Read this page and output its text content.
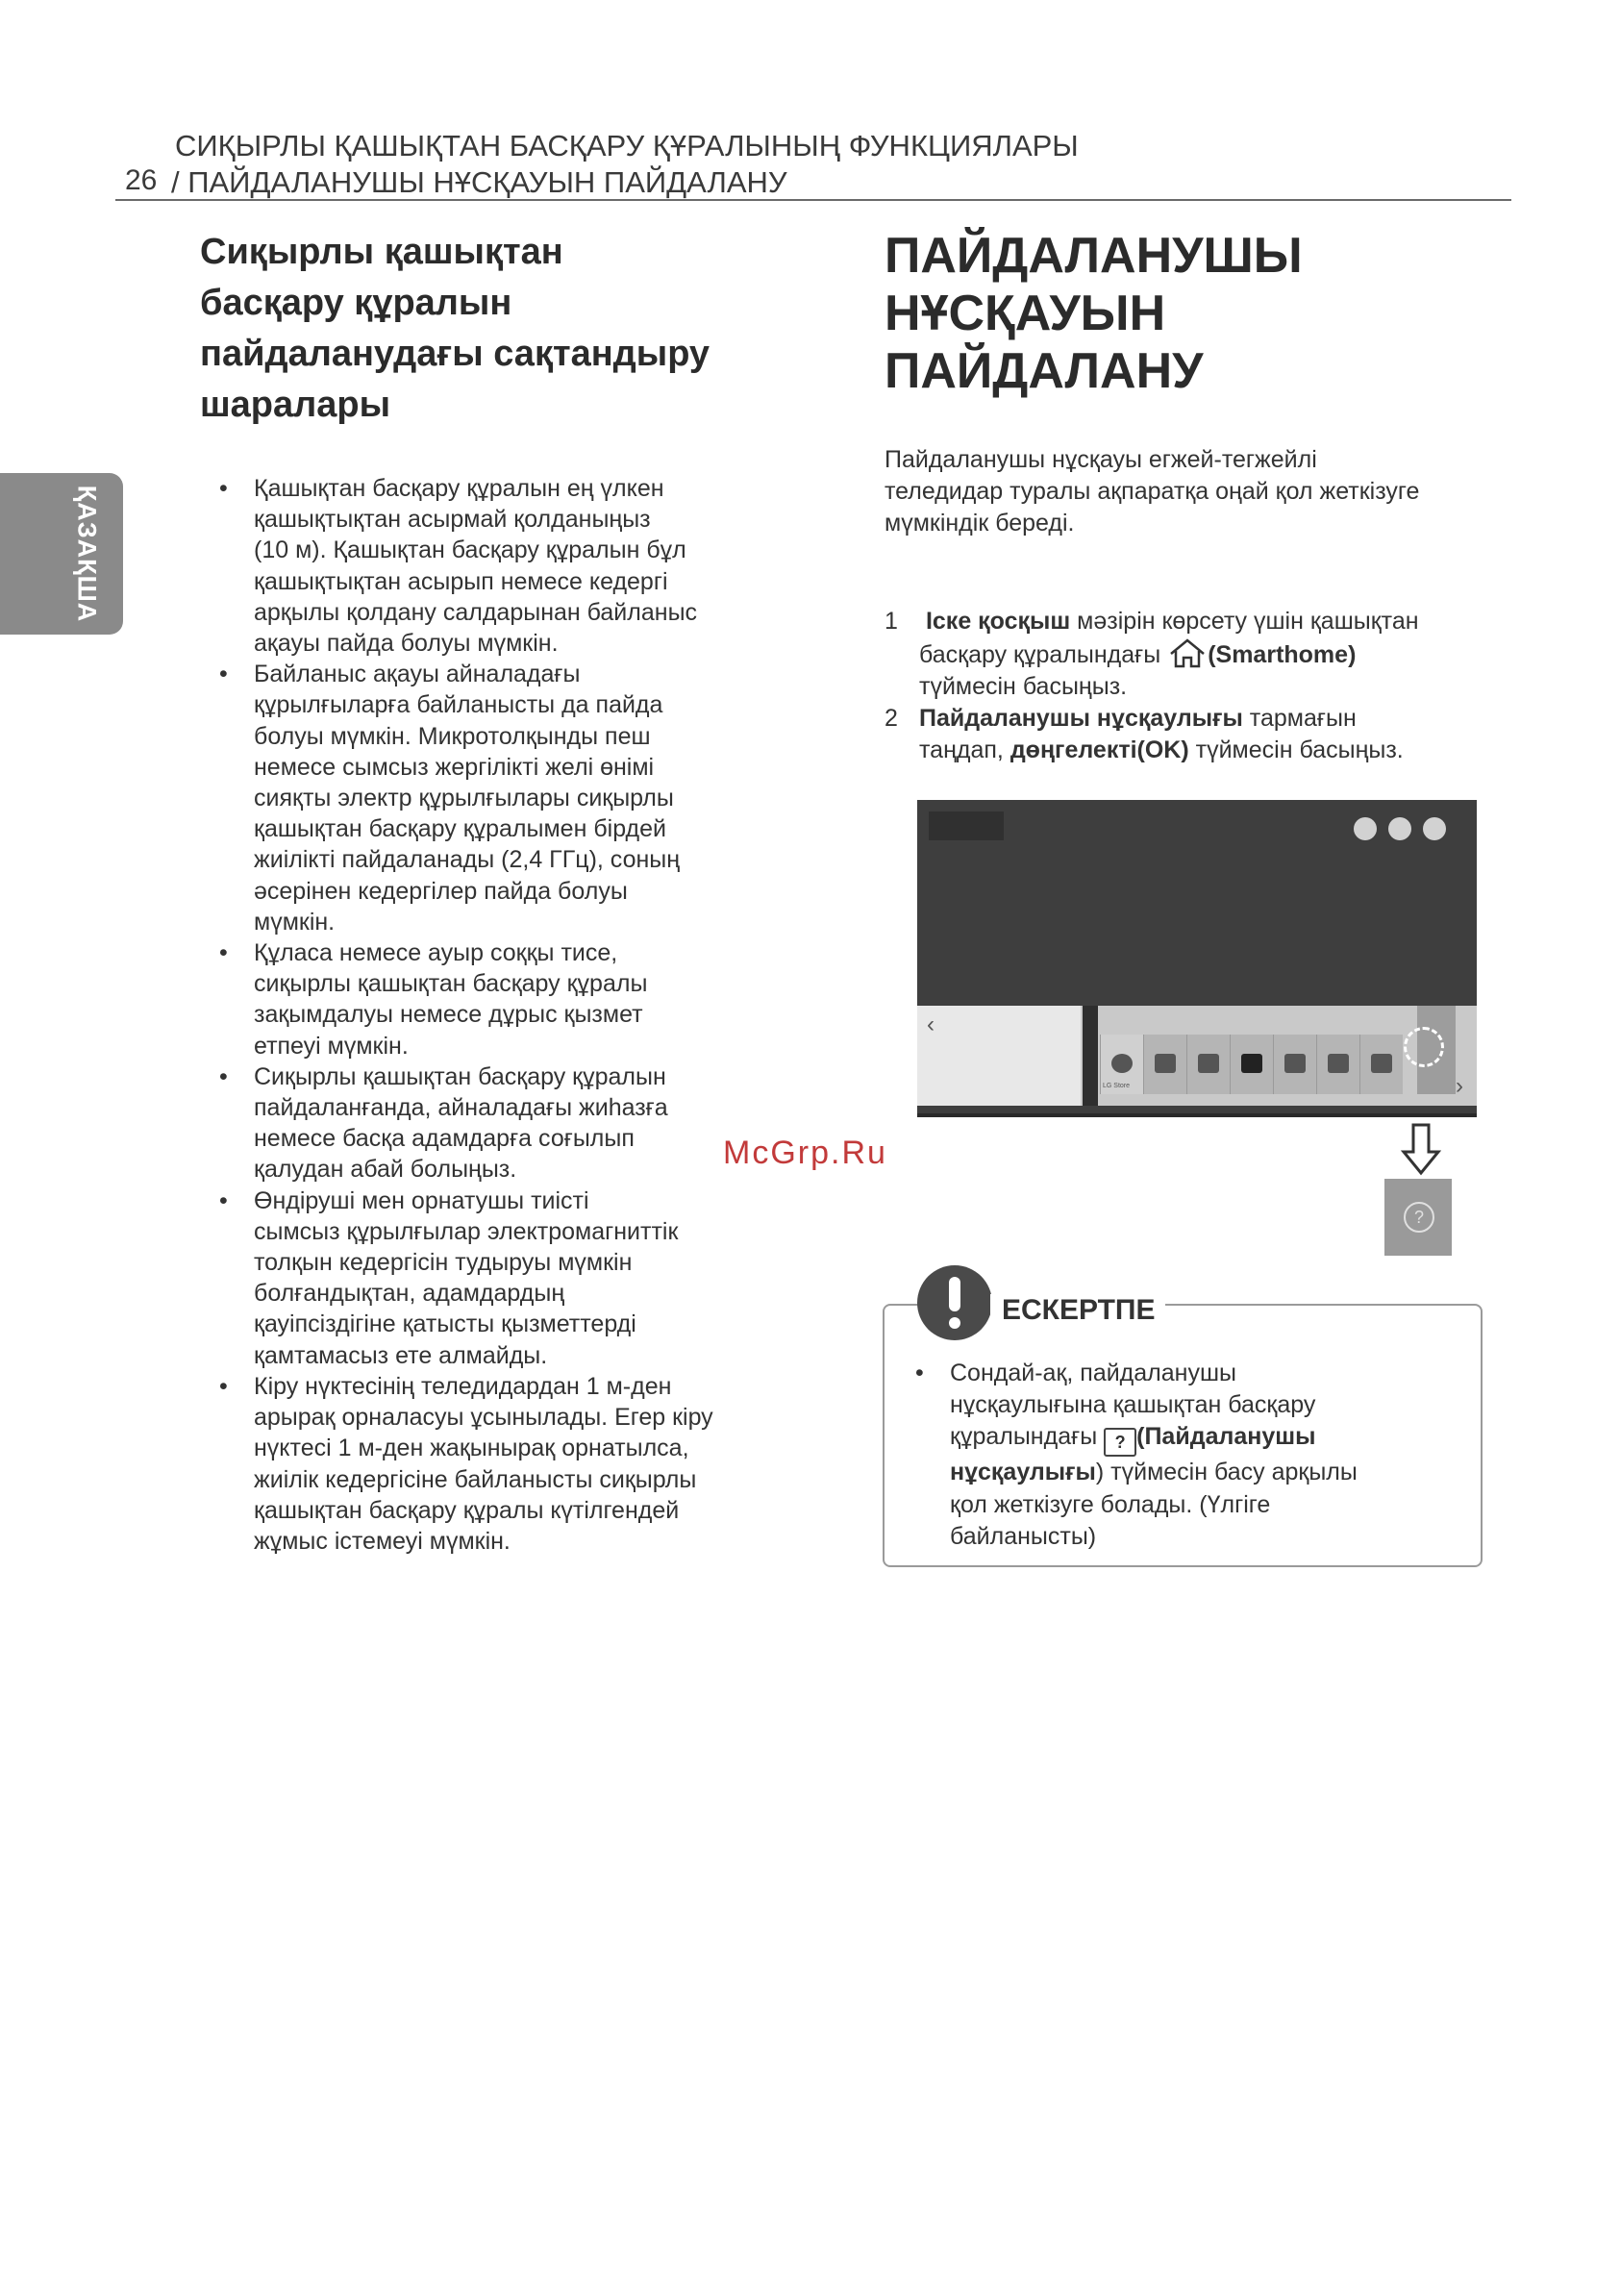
СИҚЫРЛЫ ҚАШЫҚТАН БАСҚАРУ ҚҰРАЛЫНЫҢ ФУНКЦИЯЛАРЫ
26 / ПАЙДАЛАНУШЫ НҰСҚАУЫН ПАЙДАЛАНУ
ҚАЗАҚША
Сиқырлы қашықтан
басқару құралын
пайдаланудағы сақтандыру
шаралары
• Қашықтан басқару құралын ең үлкен
қашықтықтан асырмай қолданыңыз
(10 м). Қашықтан басқару құралын бұл
қашықтықтан асырып немесе кедергі
арқылы қолдану салдарынан байланыс
ақауы пайда болуы мүмкін.
• Байланыс ақауы айналадағы
құрылғыларға байланысты да пайда
болуы мүмкін. Микротолқынды пеш
немесе сымсыз жергілікті желі өнімі
сияқты электр құрылғылары сиқырлы
қашықтан басқару құралымен бірдей
жиілікті пайдаланады (2,4 ГГц), соның
әсерінен кедергілер пайда болуы
мүмкін.
• Құласа немесе ауыр соққы тисе,
сиқырлы қашықтан басқару құралы
зақымдалуы немесе дұрыс қызмет
етпеуі мүмкін.
• Сиқырлы қашықтан басқару құралын
пайдаланғанда, айналадағы жиһазға
немесе басқа адамдарға соғылып
қалудан абай болыңыз.
• Өндіруші мен орнатушы тиісті
сымсыз құрылғылар электромагниттік
толқын кедергісін тудыруы мүмкін
болғандықтан, адамдардың
қауіпсіздігіне қатысты қызметтерді
қамтамасыз ете алмайды.
• Кіру нүктесінің теледидардан 1 м-ден
арырақ орналасуы ұсынылады. Егер кіру
нүктесі 1 м-ден жақынырақ орнатылса,
жиілік кедергісіне байланысты сиқырлы
қашықтан басқару құралы күтілгендей
жұмыс істемеуі мүмкін.
ПАЙДАЛАНУШЫ
НҰСҚАУЫН
ПАЙДАЛАНУ
Пайдаланушы нұсқауы егжей-тегжейлі
теледидар туралы ақпаратқа оңай қол жеткізуге
мүмкіндік береді.
1 Іске қосқыш мәзірін көрсету үшін қашықтан
басқару құралындағы (Smarthome)
түймесін басыңыз.
2 Пайдаланушы нұсқаулығы тармағын
таңдап, дөңгелекті(OK) түймесін басыңыз.
‹
LG Store	›
?
ЕСКЕРТПЕ
• Сондай-ақ, пайдаланушы
нұсқаулығына қашықтан басқару
құралындағы ? (Пайдаланушы
нұсқаулығы) түймесін басу арқылы
қол жеткізуге болады. (Үлгіге
байланысты)
McGrp.Ru
